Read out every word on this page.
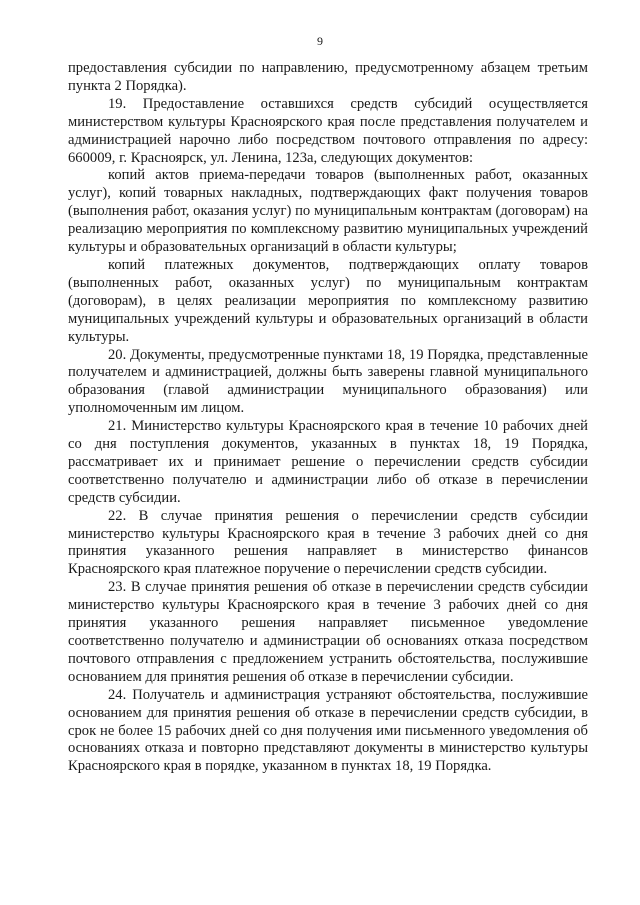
9

предоставления субсидии по направлению, предусмотренному абзацем третьим пункта 2 Порядка).

19. Предоставление оставшихся средств субсидий осуществляется министерством культуры Красноярского края после представления получателем и администрацией нарочно либо посредством почтового отправления по адресу: 660009, г. Красноярск, ул. Ленина, 123а, следующих документов:

копий актов приема-передачи товаров (выполненных работ, оказанных услуг), копий товарных накладных, подтверждающих факт получения товаров (выполнения работ, оказания услуг) по муниципальным контрактам (договорам) на реализацию мероприятия по комплексному развитию муниципальных учреждений культуры и образовательных организаций в области культуры;

копий платежных документов, подтверждающих оплату товаров (выполненных работ, оказанных услуг) по муниципальным контрактам (договорам), в целях реализации мероприятия по комплексному развитию муниципальных учреждений культуры и образовательных организаций в области культуры.

20. Документы, предусмотренные пунктами 18, 19 Порядка, представленные получателем и администрацией, должны быть заверены главной муниципального образования (главой администрации муниципального образования) или уполномоченным им лицом.

21. Министерство культуры Красноярского края в течение 10 рабочих дней со дня поступления документов, указанных в пунктах 18, 19 Порядка, рассматривает их и принимает решение о перечислении средств субсидии соответственно получателю и администрации либо об отказе в перечислении средств субсидии.

22. В случае принятия решения о перечислении средств субсидии министерство культуры Красноярского края в течение 3 рабочих дней со дня принятия указанного решения направляет в министерство финансов Красноярского края платежное поручение о перечислении средств субсидии.

23. В случае принятия решения об отказе в перечислении средств субсидии министерство культуры Красноярского края в течение 3 рабочих дней со дня принятия указанного решения направляет письменное уведомление соответственно получателю и администрации об основаниях отказа посредством почтового отправления с предложением устранить обстоятельства, послужившие основанием для принятия решения об отказе в перечислении субсидии.

24. Получатель и администрация устраняют обстоятельства, послужившие основанием для принятия решения об отказе в перечислении средств субсидии, в срок не более 15 рабочих дней со дня получения ими письменного уведомления об основаниях отказа и повторно представляют документы в министерство культуры Красноярского края в порядке, указанном в пунктах 18, 19 Порядка.
